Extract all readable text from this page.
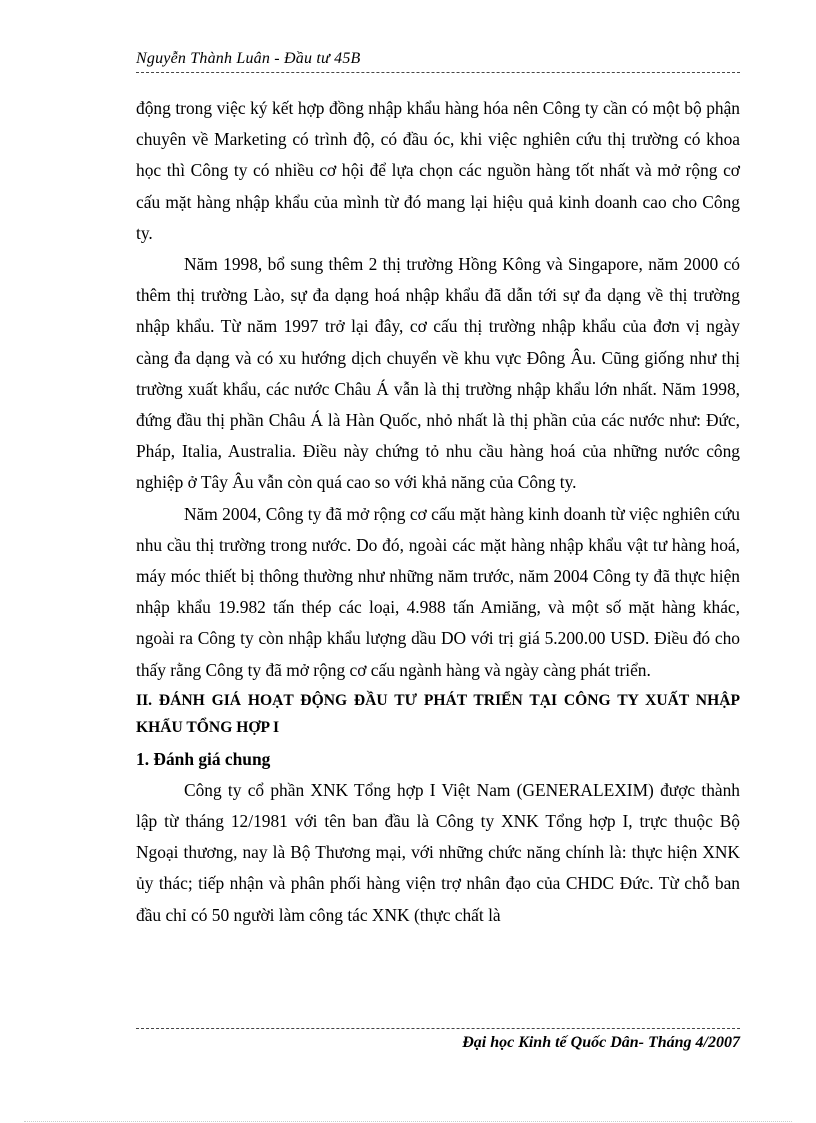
Nguyễn Thành Luân - Đầu tư 45B

động trong việc ký kết hợp đồng nhập khẩu hàng hóa nên Công ty cần có một bộ phận chuyên về Marketing có trình độ, có đầu óc, khi việc nghiên cứu thị trường có khoa học thì Công ty có nhiều cơ hội để lựa chọn các nguồn hàng tốt nhất và mở rộng cơ cấu mặt hàng nhập khẩu của mình từ đó mang lại hiệu quả kinh doanh cao cho Công ty.

Năm 1998, bổ sung thêm 2 thị trường Hồng Kông và Singapore, năm 2000 có thêm thị trường Lào, sự đa dạng hoá nhập khẩu đã dẫn tới sự đa dạng về thị trường nhập khẩu. Từ năm 1997 trở lại đây, cơ cấu thị trường nhập khẩu của đơn vị ngày càng đa dạng và có xu hướng dịch chuyển về khu vực Đông Âu. Cũng giống như thị trường xuất khẩu, các nước Châu Á vẫn là thị trường nhập khẩu lớn nhất. Năm 1998, đứng đầu thị phần Châu Á là Hàn Quốc, nhỏ nhất là thị phần của các nước như: Đức, Pháp, Italia, Australia. Điều này chứng tỏ nhu cầu hàng hoá của những nước công nghiệp ở Tây Âu vẫn còn quá cao so với khả năng của Công ty.

Năm 2004, Công ty đã mở rộng cơ cấu mặt hàng kinh doanh từ việc nghiên cứu nhu cầu thị trường trong nước. Do đó, ngoài các mặt hàng nhập khẩu vật tư hàng hoá, máy móc thiết bị thông thường như những năm trước, năm 2004 Công ty đã thực hiện nhập khẩu 19.982 tấn thép các loại, 4.988 tấn Amiăng, và một số mặt hàng khác, ngoài ra Công ty còn nhập khẩu lượng dầu DO với trị giá 5.200.00 USD. Điều đó cho thấy rằng Công ty đã mở rộng cơ cấu ngành hàng và ngày càng phát triển.

II. ĐÁNH GIÁ HOẠT ĐỘNG ĐẦU TƯ PHÁT TRIỂN TẠI CÔNG TY XUẤT NHẬP KHẨU TỔNG HỢP I

1. Đánh giá chung

Công ty cổ phần XNK Tổng hợp I Việt Nam (GENERALEXIM) được thành lập từ tháng 12/1981 với tên ban đầu là Công ty XNK Tổng hợp I, trực thuộc Bộ Ngoại thương, nay là Bộ Thương mại, với những chức năng chính là: thực hiện XNK ủy thác; tiếp nhận và phân phối hàng viện trợ nhân đạo của CHDC Đức. Từ chỗ ban đầu chỉ có 50 người làm công tác XNK (thực chất là

Đại học Kinh tế Quốc Dân- Tháng 4/2007
